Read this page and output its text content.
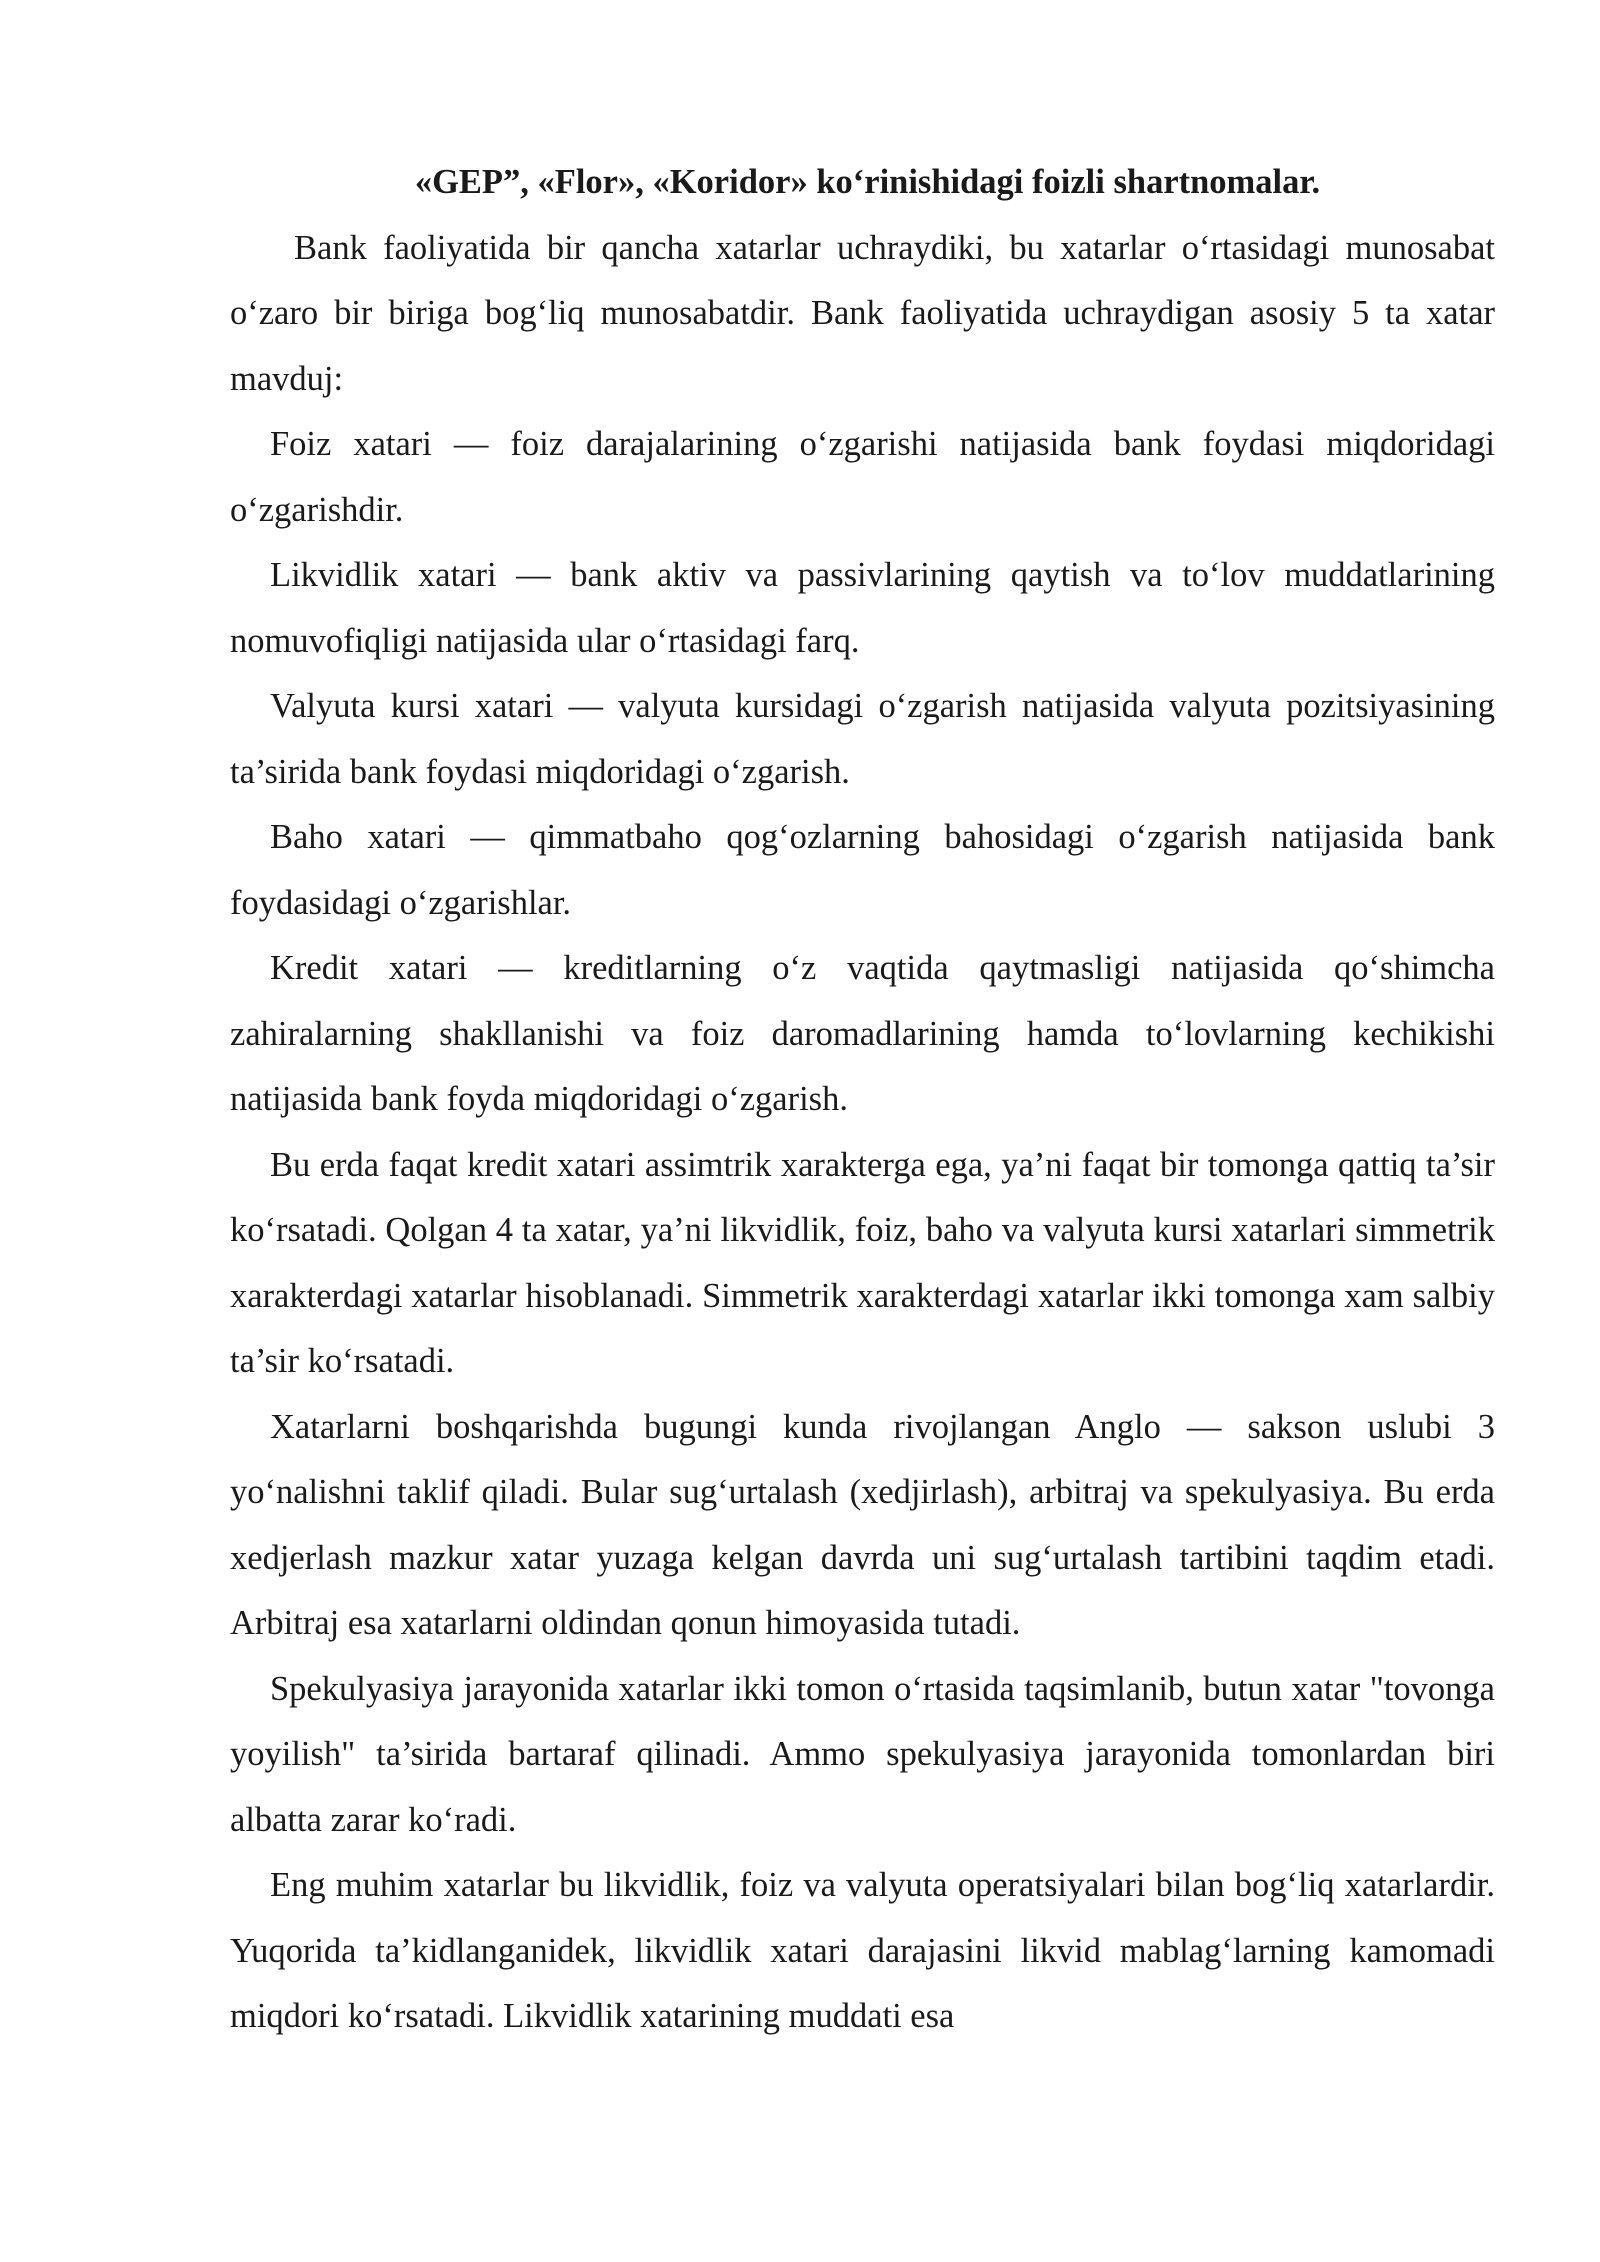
«GEP”, «Flor», «Koridor» ko‘rinishidagi foizli shartnomalar.

Bank faoliyatida bir qancha xatarlar uchraydiki, bu xatarlar o‘rtasidagi munosabat o‘zaro bir biriga bog‘liq munosabatdir. Bank faoliyatida uchraydigan asosiy 5 ta xatar mavduj:

Foiz xatari — foiz darajalarining o‘zgarishi natijasida bank foydasi miqdoridagi o‘zgarishdir.

Likvidlik xatari — bank aktiv va passivlarining qaytish va to‘lov muddatlarining nomuvofiqligi natijasida ular o‘rtasidagi farq.

Valyuta kursi xatari — valyuta kursidagi o‘zgarish natijasida valyuta pozitsiyasining ta’sirida bank foydasi miqdoridagi o‘zgarish.

Baho xatari — qimmatbaho qog‘ozlarning bahosidagi o‘zgarish natijasida bank foydasidagi o‘zgarishlar.

Kredit xatari — kreditlarning o‘z vaqtida qaytmasligi natijasida qo‘shimcha zahiralarning shakllanishi va foiz daromadlarining hamda to‘lovlarning kechikishi natijasida bank foyda miqdoridagi o‘zgarish.

Bu erda faqat kredit xatari assimtrik xarakterga ega, ya’ni faqat bir tomonga qattiq ta’sir ko‘rsatadi. Qolgan 4 ta xatar, ya’ni likvidlik, foiz, baho va valyuta kursi xatarlari simmetrik xarakterdagi xatarlar hisoblanadi. Simmetrik xarakterdagi xatarlar ikki tomonga xam salbiy ta’sir ko‘rsatadi.

Xatarlarni boshqarishda bugungi kunda rivojlangan Anglo — sakson uslubi 3 yo‘nalishni taklif qiladi. Bular sug‘urtalash (xedjirlash), arbitraj va spekulyasiya. Bu erda xedjerlash mazkur xatar yuzaga kelgan davrda uni sug‘urtalash tartibini taqdim etadi. Arbitraj esa xatarlarni oldindan qonun himoyasida tutadi.

Spekulyasiya jarayonida xatarlar ikki tomon o‘rtasida taqsimlanib, butun xatar "tovonga yoyilish" ta’sirida bartaraf qilinadi. Ammo spekulyasiya jarayonida tomonlardan biri albatta zarar ko‘radi.

Eng muhim xatarlar bu likvidlik, foiz va valyuta operatsiyalari bilan bog‘liq xatarlardir. Yuqorida ta’kidlanganidek, likvidlik xatari darajasini likvid mablag‘larning kamomadi miqdori ko‘rsatadi. Likvidlik xatarining muddati esa
